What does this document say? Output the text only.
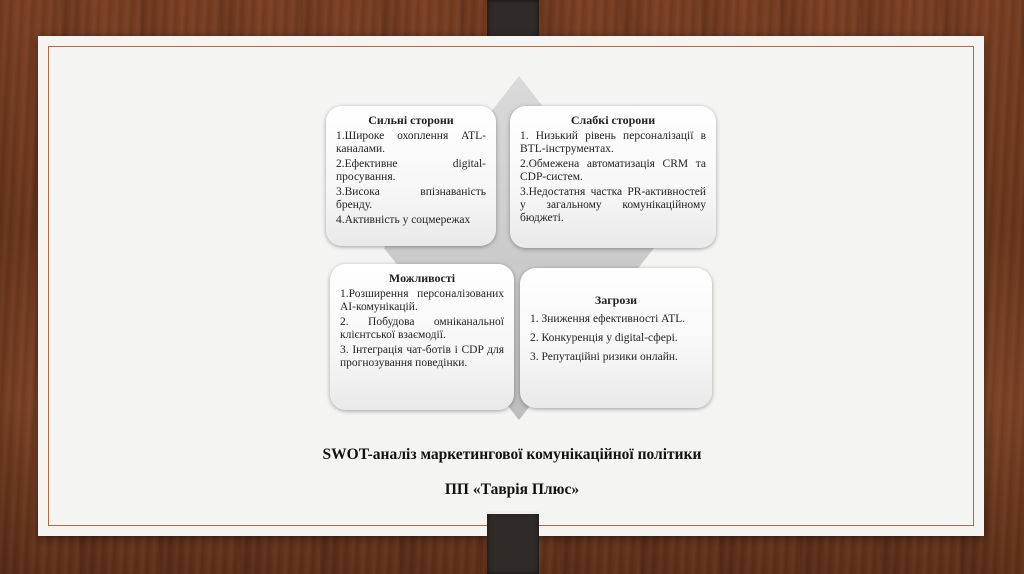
Сильні сторони
1.Широке охоплення ATL-каналами.
2.Ефективне digital-просування.
3.Висока впізнаваність бренду.
4.Активність у соцмережах
Слабкі сторони
1. Низький рівень персоналізації в BTL-інструментах.
2.Обмежена автоматизація CRM та CDP-систем.
3.Недостатня частка PR-активностей у загальному комунікаційному бюджеті.
Можливості
1.Розширення персоналізованих AI-комунікацій.
2. Побудова омніканальної клієнтської взаємодії.
3. Інтеграція чат-ботів і CDP для прогнозування поведінки.
Загрози
1. Зниження ефективності ATL.
2. Конкуренція у digital-сфері.
3. Репутаційні ризики онлайн.
SWOT-аналіз маркетингової комунікаційної політики
ПП «Таврія Плюс»
